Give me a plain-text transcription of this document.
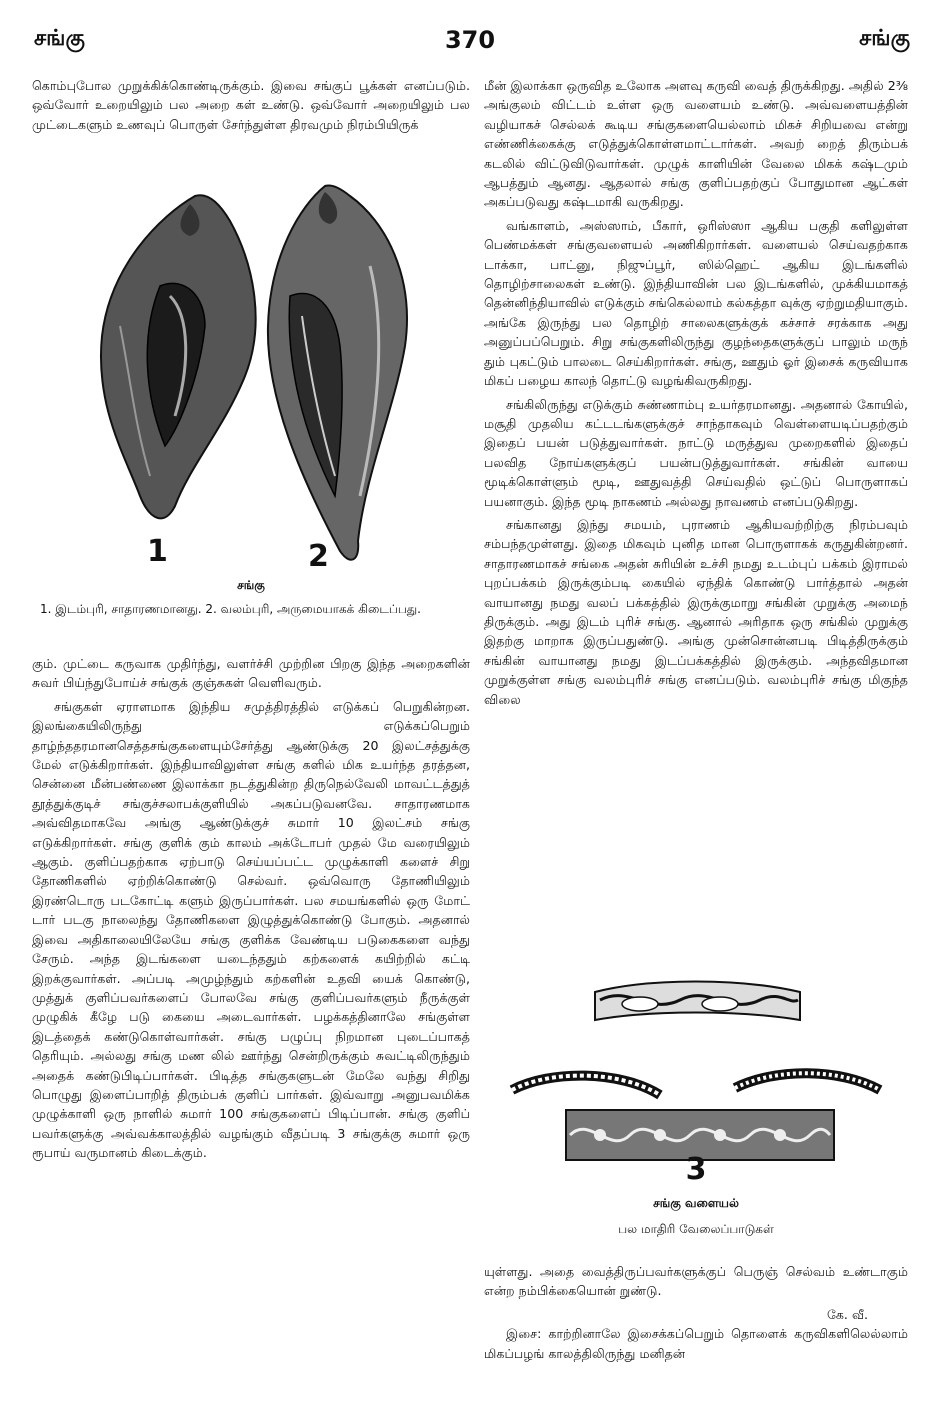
சங்கு	370	சங்கு

கொம்புபோல முறுக்கிக்கொண்டிருக்கும். இவை சங்குப் பூக்கள் எனப்படும். ஒவ்வோர் உறையிலும் பல அறை கள் உண்டு. ஒவ்வோர் அறையிலும் பல முட்டைகளும் உணவுப் பொருள் சேர்ந்துள்ள திரவமும் நிரம்பியிருக்

1	2
சங்கு
1. இடம்புரி, சாதாரணமானது. 2. வலம்புரி, அருமையாகக் கிடைப்பது.

கும். முட்டை கருவாக முதிர்ந்து, வளர்ச்சி முற்றின பிறகு இந்த அறைகளின் சுவர் பிய்ந்துபோய்ச் சங்குக் குஞ்சுகள் வெளிவரும்.

சங்குகள் ஏராளமாக இந்திய சமுத்திரத்தில் எடுக்கப் பெறுகின்றன. இலங்கையிலிருந்து எடுக்கப்பெறும் தாழ்ந்ததரமானசெத்தசங்குகளையும்சேர்த்து ஆண்டுக்கு 20 இலட்சத்துக்கு மேல் எடுக்கிறார்கள். இந்தியாவிலுள்ள சங்கு களில் மிக உயர்ந்த தரத்தன, சென்னை மீன்பண்ணை இலாக்கா நடத்துகின்ற திருநெல்வேலி மாவட்டத்துத் தூத்துக்குடிச் சங்குச்சலாபக்குளியில் அகப்படுவனவே. சாதாரணமாக அவ்விதமாகவே அங்கு ஆண்டுக்குச் சுமார் 10 இலட்சம் சங்கு எடுக்கிறார்கள். சங்கு குளிக் கும் காலம் அக்டோபர் முதல் மே வரையிலும் ஆகும். குளிப்பதற்காக ஏற்பாடு செய்யப்பட்ட முழுக்காளி களைச் சிறு தோணிகளில் ஏற்றிக்கொண்டு செல்வர். ஒவ்வொரு தோணியிலும் இரண்டொரு படகோட்டி களும் இருப்பார்கள். பல சமயங்களில் ஒரு மோட் டார் படகு நாலைந்து தோணிகளை இழுத்துக்கொண்டு போகும். அதனால் இவை அதிகாலையிலேயே சங்கு குளிக்க வேண்டிய படுகைகளை வந்து சேரும். அந்த இடங்களை யடைந்ததும் கற்களைக் கயிற்றில் கட்டி இறக்குவார்கள். அப்படி அமுழ்ந்தும் கற்களின் உதவி யைக் கொண்டு, முத்துக் குளிப்பவர்களைப் போலவே சங்கு குளிப்பவர்களும் நீருக்குள் முழுகிக் கீழே படு கையை அடைவார்கள். பழக்கத்தினாலே சங்குள்ள இடத்தைக் கண்டுகொள்வார்கள். சங்கு பழுப்பு நிறமான புடைப்பாகத் தெரியும். அல்லது சங்கு மண லில் ஊர்ந்து சென்றிருக்கும் சுவட்டிலிருந்தும் அதைக் கண்டுபிடிப்பார்கள். பிடித்த சங்குகளுடன் மேலே வந்து சிறிது பொழுது இளைப்பாறித் திரும்பக் குளிப் பார்கள். இவ்வாறு அனுபவமிக்க முழுக்காளி ஒரு நாளில் சுமார் 100 சங்குகளைப் பிடிப்பான். சங்கு குளிப் பவர்களுக்கு அவ்வக்காலத்தில் வழங்கும் வீதப்படி 3 சங்குக்கு சுமார் ஒரு ரூபாய் வருமானம் கிடைக்கும்.

மீன் இலாக்கா ஒருவித உலோக அளவு கருவி வைத் திருக்கிறது. அதில் 2⅜ அங்குலம் விட்டம் உள்ள ஒரு வளையம் உண்டு. அவ்வளையத்தின் வழியாகச் செல்லக் கூடிய சங்குகளையெல்லாம் மிகச் சிறியவை என்று எண்ணிக்கைக்கு எடுத்துக்கொள்ளமாட்டார்கள். அவற் றைத் திரும்பக் கடலில் விட்டுவிடுவார்கள். முழுக் காளியின் வேலை மிகக் கஷ்டமும் ஆபத்தும் ஆனது. ஆதலால் சங்கு குளிப்பதற்குப் போதுமான ஆட்கள் அகப்படுவது கஷ்டமாகி வருகிறது.

வங்காளம், அஸ்ஸாம், பீகார், ஒரிஸ்ஸா ஆகிய பகுதி களிலுள்ள பெண்மக்கள் சங்குவளையல் அணிகிறார்கள். வளையல் செய்வதற்காக டாக்கா, பாட்னு, நிஜுப்பூர், ஸில்ஹெட் ஆகிய இடங்களில் தொழிற்சாலைகள் உண்டு. இந்தியாவின் பல இடங்களில், முக்கியமாகத் தென்னிந்தியாவில் எடுக்கும் சங்கெல்லாம் கல்கத்தா வுக்கு ஏற்றுமதியாகும். அங்கே இருந்து பல தொழிற் சாலைகளுக்குக் கச்சாச் சரக்காக அது அனுப்பப்பெறும். சிறு சங்குகளிலிருந்து குழந்தைகளுக்குப் பாலும் மருந் தும் புகட்டும் பாலடை செய்கிறார்கள். சங்கு, ஊதும் ஓர் இசைக் கருவியாக மிகப் பழைய காலந் தொட்டு வழங்கிவருகிறது.

சங்கிலிருந்து எடுக்கும் சுண்ணாம்பு உயர்தரமானது. அதனால் கோயில், மசூதி முதலிய கட்டடங்களுக்குச் சாந்தாகவும் வெள்ளையடிப்பதற்கும் இதைப் பயன் படுத்துவார்கள். நாட்டு மருத்துவ முறைகளில் இதைப் பலவித நோய்களுக்குப் பயன்படுத்துவார்கள். சங்கின் வாயை மூடிக்கொள்ளும் மூடி, ஊதுவத்தி செய்வதில் ஒட்டுப் பொருளாகப் பயனாகும். இந்த மூடி நாகணம் அல்லது நாவணம் எனப்படுகிறது.

சங்கானது இந்து சமயம், புராணம் ஆகியவற்றிற்கு நிரம்பவும் சம்பந்தமுள்ளது. இதை மிகவும் புனித மான பொருளாகக் கருதுகின்றனர். சாதாரணமாகச் சங்கை அதன் சுரியின் உச்சி நமது உடம்புப் பக்கம் இராமல் புறப்பக்கம் இருக்கும்படி கையில் ஏந்திக் கொண்டு பார்த்தால் அதன் வாயானது நமது வலப் பக்கத்தில் இருக்குமாறு சங்கின் முறுக்கு அமைந் திருக்கும். அது இடம் புரிச் சங்கு. ஆனால் அரிதாக ஒரு சங்கில் முறுக்கு இதற்கு மாறாக இருப்பதுண்டு. அங்கு முன்சொன்னபடி பிடித்திருக்கும் சங்கின் வாயானது நமது இடப்பக்கத்தில் இருக்கும். அந்தவிதமான முறுக்குள்ள சங்கு வலம்புரிச் சங்கு எனப்படும். வலம்புரிச் சங்கு மிகுந்த விலை

3
சங்கு வளையல்
பல மாதிரி வேலைப்பாடுகள்

யுள்ளது. அதை வைத்திருப்பவர்களுக்குப் பெருஞ் செல்வம் உண்டாகும் என்ற நம்பிக்கையொன் றுண்டு.

கே. வீ.

இசை: காற்றினாலே இசைக்கப்பெறும் தொளைக் கருவிகளிலெல்லாம் மிகப்பழங் காலத்திலிருந்து மனிதன்
